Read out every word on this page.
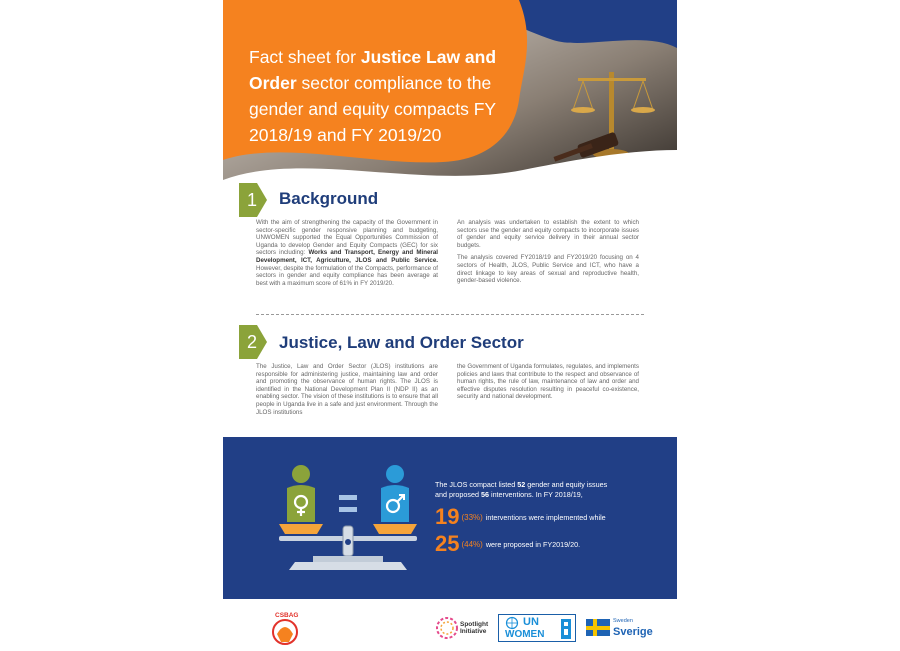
Fact sheet for Justice Law and Order sector compliance to the gender and equity compacts FY 2018/19 and FY 2019/20
1	Background

With the aim of strengthening the capacity of the Government in sector-specific gender responsive planning and budgeting, UNWOMEN supported the Equal Opportunities Commission of Uganda to develop Gender and Equity Compacts (GEC) for six sectors including: Works and Transport, Energy and Mineral Development, ICT, Agriculture, JLOS and Public Service. However, despite the formulation of the Compacts, performance of sectors in gender and equity compliance has been average at best with a maximum score of 61% in FY 2019/20.

An analysis was undertaken to establish the extent to which sectors use the gender and equity compacts to incorporate issues of gender and equity service delivery in their annual sector budgets.

The analysis covered FY2018/19 and FY2019/20 focusing on 4 sectors of Health, JLOS, Public Service and ICT, who have a direct linkage to key areas of sexual and reproductive health, gender-based violence.

2	Justice, Law and Order Sector

The Justice, Law and Order Sector (JLOS) institutions are responsible for administering justice, maintaining law and order and promoting the observance of human rights. The JLOS is identified in the National Development Plan II (NDP II) as an enabling sector. The vision of these institutions is to ensure that all people in Uganda live in a safe and just environment. Through the JLOS institutions

the Government of Uganda formulates, regulates, and implements policies and laws that contribute to the respect and observance of human rights, the rule of law, maintenance of law and order and effective disputes resolution resulting in peaceful co-existence, security and national development.

The JLOS compact listed 52 gender and equity issues
and proposed 56 interventions. In FY 2018/19,
19 (33%) interventions were implemented while
25 (44%) were proposed in FY2019/20.
CSBAG
Spotlight
Initiative
UN
WOMEN
Sweden
Sverige
